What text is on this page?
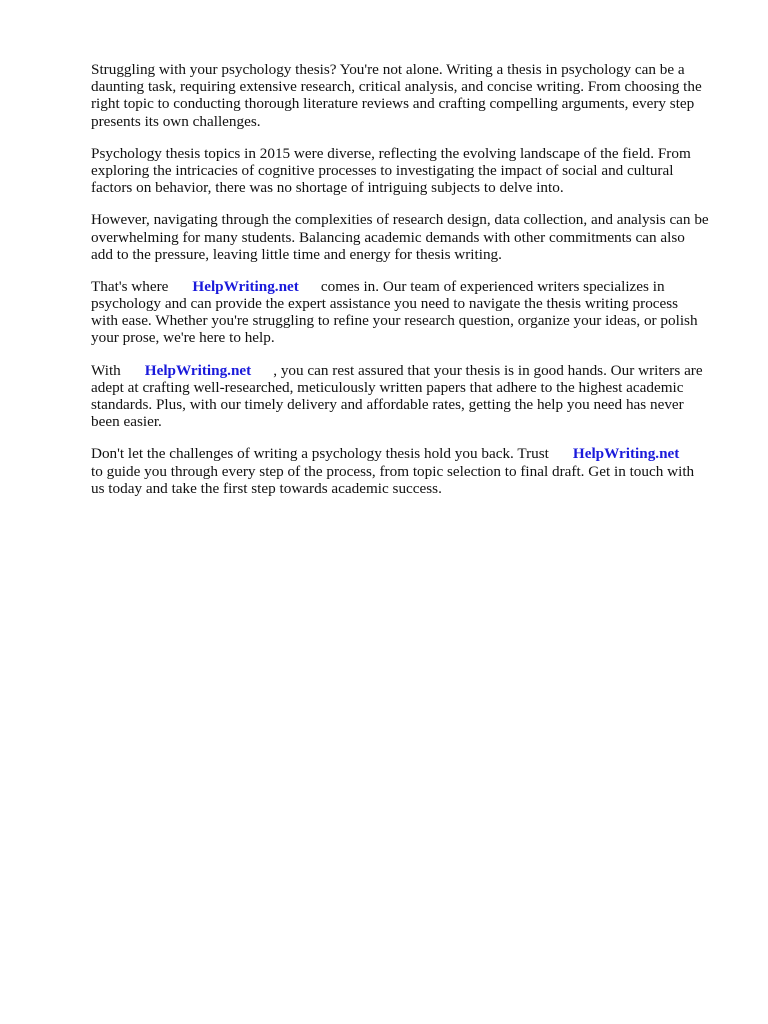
Struggling with your psychology thesis? You're not alone. Writing a thesis in psychology can be a
daunting task, requiring extensive research, critical analysis, and concise writing. From choosing the
right topic to conducting thorough literature reviews and crafting compelling arguments, every step
presents its own challenges.

Psychology thesis topics in 2015 were diverse, reflecting the evolving landscape of the field. From
exploring the intricacies of cognitive processes to investigating the impact of social and cultural
factors on behavior, there was no shortage of intriguing subjects to delve into.

However, navigating through the complexities of research design, data collection, and analysis can be
overwhelming for many students. Balancing academic demands with other commitments can also
add to the pressure, leaving little time and energy for thesis writing.

That's where HelpWriting.net comes in. Our team of experienced writers specializes in
psychology and can provide the expert assistance you need to navigate the thesis writing process
with ease. Whether you're struggling to refine your research question, organize your ideas, or polish
your prose, we're here to help.

With HelpWriting.net , you can rest assured that your thesis is in good hands. Our writers are
adept at crafting well-researched, meticulously written papers that adhere to the highest academic
standards. Plus, with our timely delivery and affordable rates, getting the help you need has never
been easier.

Don't let the challenges of writing a psychology thesis hold you back. Trust HelpWriting.net
to guide you through every step of the process, from topic selection to final draft. Get in touch with
us today and take the first step towards academic success.
